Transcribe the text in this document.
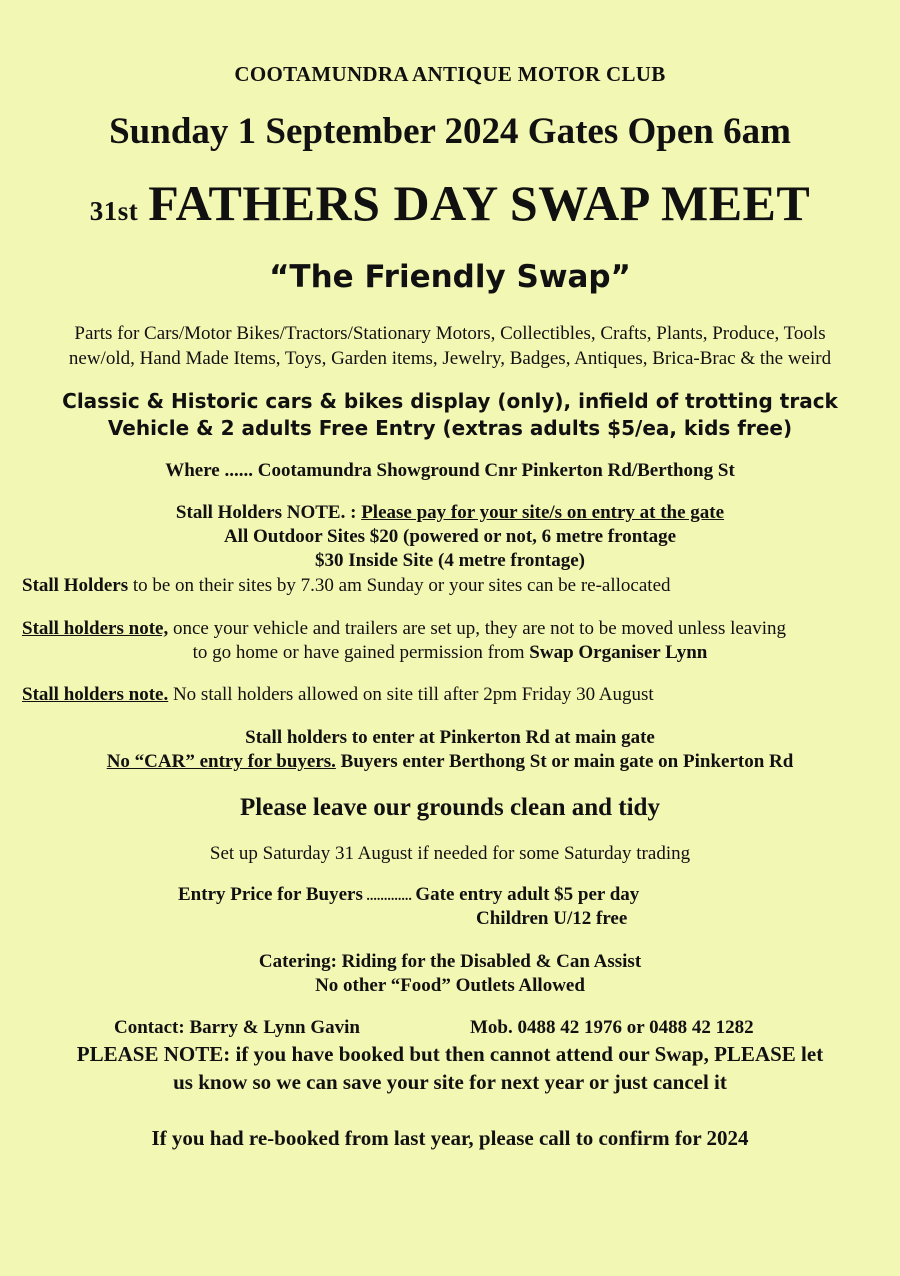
COOTAMUNDRA ANTIQUE MOTOR CLUB
Sunday 1 September 2024 Gates Open 6am
31st FATHERS DAY SWAP MEET
“The Friendly Swap”
Parts for Cars/Motor Bikes/Tractors/Stationary Motors, Collectibles, Crafts, Plants, Produce, Tools
new/old, Hand Made Items, Toys, Garden items, Jewelry, Badges, Antiques, Brica-Brac & the weird
Classic & Historic cars & bikes display (only), infield of trotting track
Vehicle & 2 adults Free Entry (extras adults $5/ea, kids free)
Where ...... Cootamundra Showground Cnr Pinkerton Rd/Berthong St
Stall Holders NOTE. : Please pay for your site/s on entry at the gate
All Outdoor Sites $20 (powered or not, 6 metre frontage
$30 Inside Site (4 metre frontage)
Stall Holders to be on their sites by 7.30 am Sunday or your sites can be re-allocated
Stall holders note, once your vehicle and trailers are set up, they are not to be moved unless leaving
to go home or have gained permission from Swap Organiser Lynn
Stall holders note. No stall holders allowed on site till after 2pm Friday 30 August
Stall holders to enter at Pinkerton Rd at main gate
No “CAR” entry for buyers. Buyers enter Berthong St or main gate on Pinkerton Rd
Please leave our grounds clean and tidy
Set up Saturday 31 August if needed for some Saturday trading
Entry Price for Buyers ............. Gate entry adult $5 per day
Children U/12 free
Catering: Riding for the Disabled & Can Assist
No other “Food” Outlets Allowed
Contact: Barry & Lynn Gavin	Mob. 0488 42 1976 or 0488 42 1282
PLEASE NOTE: if you have booked but then cannot attend our Swap, PLEASE let
us know so we can save your site for next year or just cancel it
If you had re-booked from last year, please call to confirm for 2024
